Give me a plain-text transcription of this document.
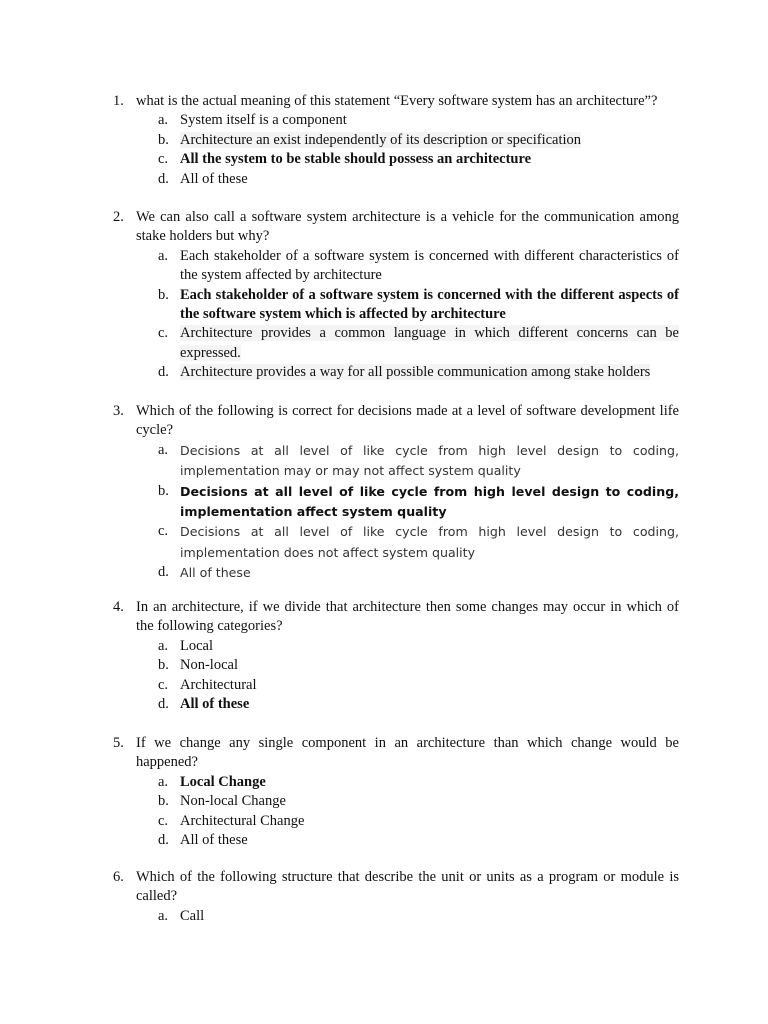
1. what is the actual meaning of this statement “Every software system has an architecture”?
a. System itself is a component
b. Architecture an exist independently of its description or specification
c. All the system to be stable should possess an architecture
d. All of these
2. We can also call a software system architecture is a vehicle for the communication among stake holders but why?
a. Each stakeholder of a software system is concerned with different characteristics of the system affected by architecture
b. Each stakeholder of a software system is concerned with the different aspects of the software system which is affected by architecture
c. Architecture provides a common language in which different concerns can be expressed.
d. Architecture provides a way for all possible communication among stake holders
3. Which of the following is correct for decisions made at a level of software development life cycle?
a. Decisions at all level of like cycle from high level design to coding, implementation may or may not affect system quality
b. Decisions at all level of like cycle from high level design to coding, implementation affect system quality
c. Decisions at all level of like cycle from high level design to coding, implementation does not affect system quality
d. All of these
4. In an architecture, if we divide that architecture then some changes may occur in which of the following categories?
a. Local
b. Non-local
c. Architectural
d. All of these
5. If we change any single component in an architecture than which change would be happened?
a. Local Change
b. Non-local Change
c. Architectural Change
d. All of these
6. Which of the following structure that describe the unit or units as a program or module is called?
a. Call
